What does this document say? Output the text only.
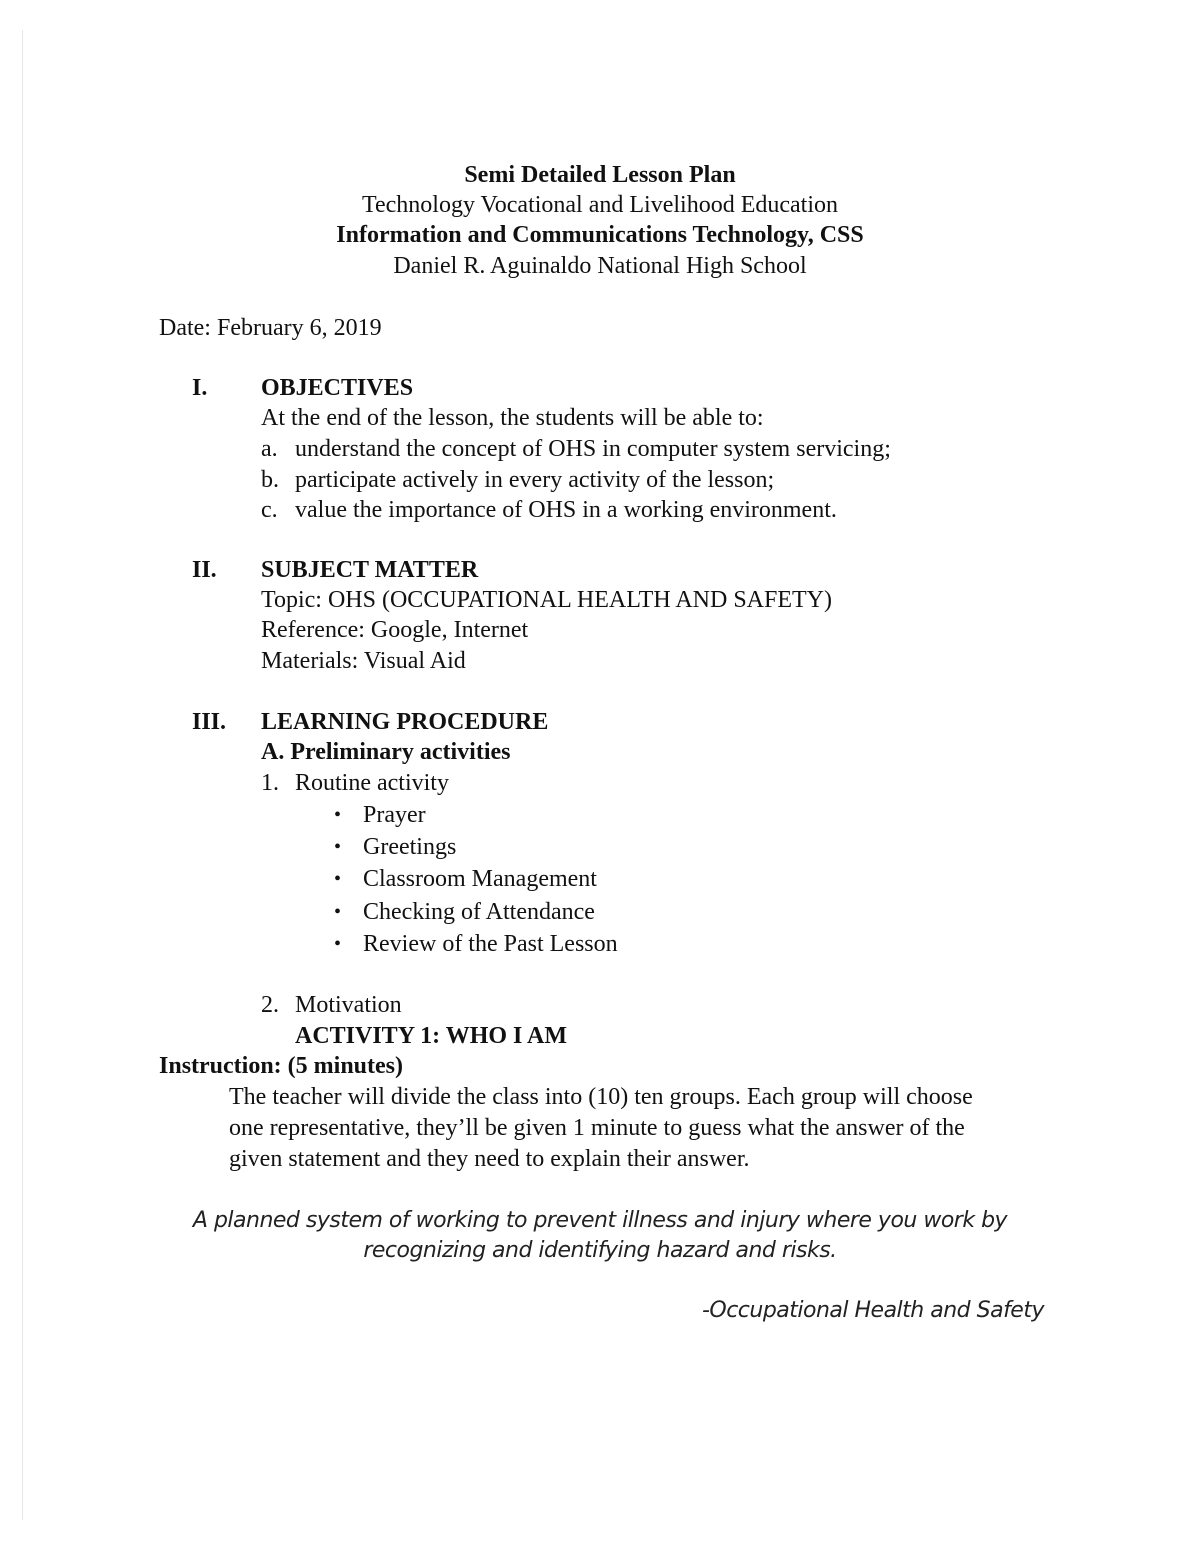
Semi Detailed Lesson Plan
Technology Vocational and Livelihood Education
Information and Communications Technology, CSS
Daniel R. Aguinaldo National High School
Date: February 6, 2019
I. OBJECTIVES
At the end of the lesson, the students will be able to:
a. understand the concept of OHS in computer system servicing;
b. participate actively in every activity of the lesson;
c. value the importance of OHS in a working environment.
II. SUBJECT MATTER
Topic: OHS (OCCUPATIONAL HEALTH AND SAFETY)
Reference: Google, Internet
Materials: Visual Aid
III. LEARNING PROCEDURE
A. Preliminary activities
1. Routine activity
• Prayer
• Greetings
• Classroom Management
• Checking of Attendance
• Review of the Past Lesson
2. Motivation
ACTIVITY 1: WHO I AM
Instruction: (5 minutes)
The teacher will divide the class into (10) ten groups. Each group will choose
one representative, they’ll be given 1 minute to guess what the answer of the
given statement and they need to explain their answer.
A planned system of working to prevent illness and injury where you work by
recognizing and identifying hazard and risks.
-Occupational Health and Safety
